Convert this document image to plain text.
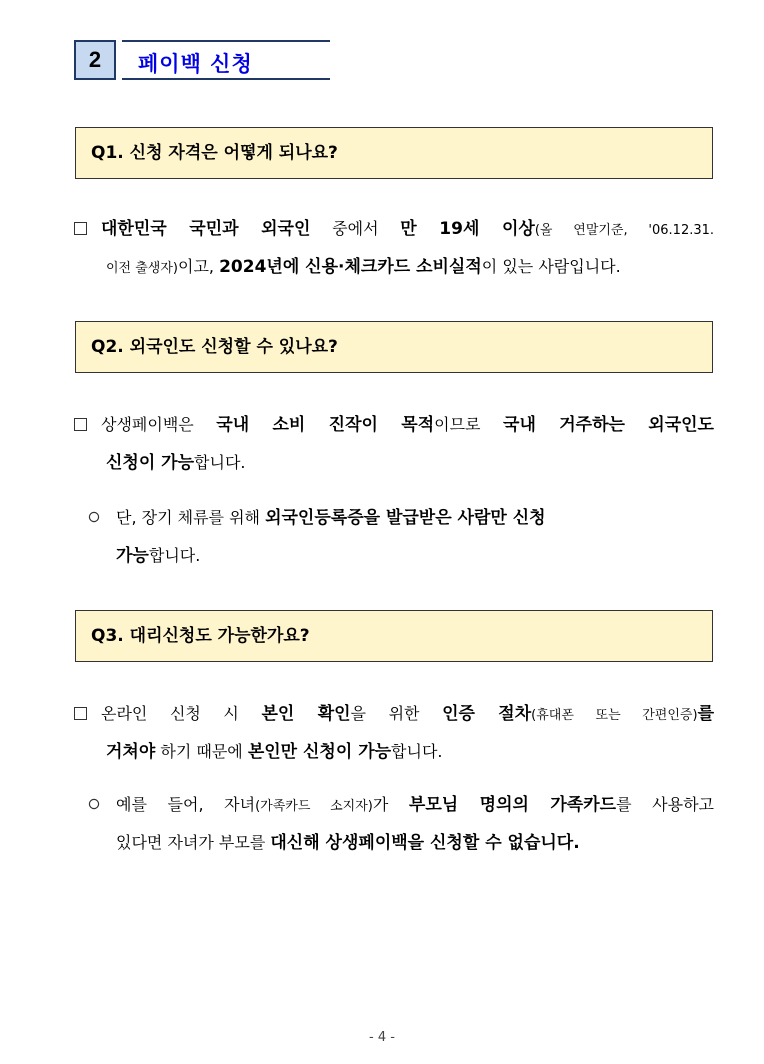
2	페이백 신청
Q1. 신청 자격은 어떻게 되나요?
대한민국 국민과 외국인 중에서 만 19세 이상(올 연말기준, '06.12.31.
이전 출생자)이고, 2024년에 신용·체크카드 소비실적이 있는 사람입니다.
Q2. 외국인도 신청할 수 있나요?
상생페이백은 국내 소비 진작이 목적이므로 국내 거주하는 외국인도
신청이 가능합니다.
단, 장기 체류를 위해 외국인등록증을 발급받은 사람만 신청
가능합니다.
Q3. 대리신청도 가능한가요?
온라인 신청 시 본인 확인을 위한 인증 절차(휴대폰 또는 간편인증)를
거쳐야 하기 때문에 본인만 신청이 가능합니다.
예를 들어, 자녀(가족카드 소지자)가 부모님 명의의 가족카드를 사용하고
있다면 자녀가 부모를 대신해 상생페이백을 신청할 수 없습니다.
- 4 -
